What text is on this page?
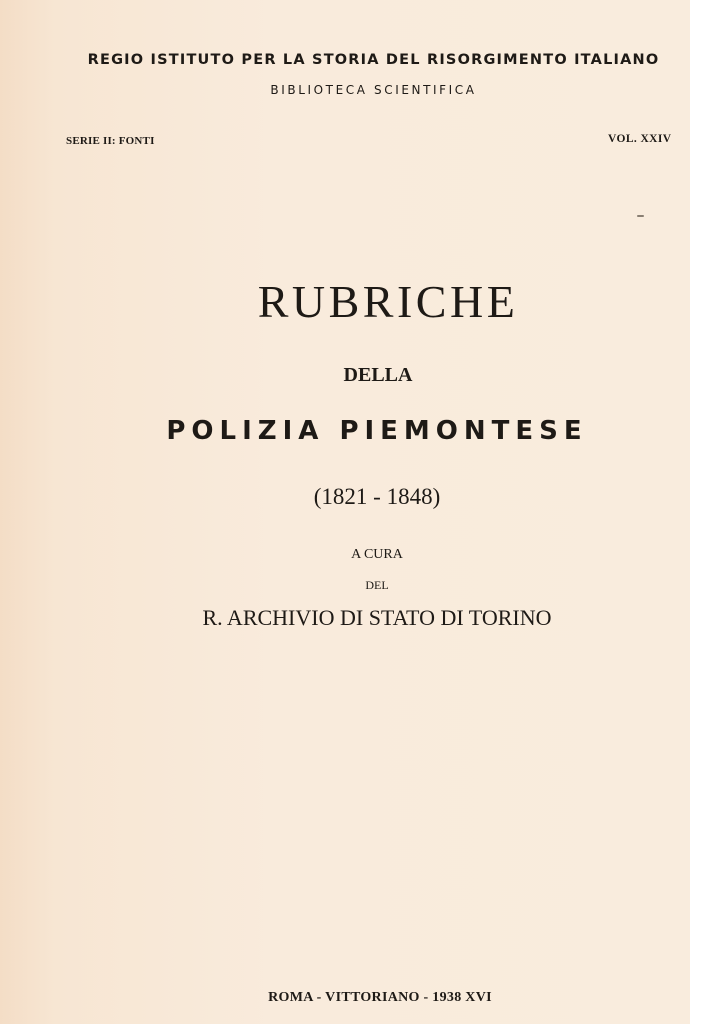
REGIO ISTITUTO PER LA STORIA DEL RISORGIMENTO ITALIANO
BIBLIOTECA SCIENTIFICA
SERIE II: FONTI	VOL. XXIV
RUBRICHE
DELLA
POLIZIA PIEMONTESE
(1821 - 1848)
A CURA
DEL
R. ARCHIVIO DI STATO DI TORINO
ROMA - VITTORIANO - 1938 XVI
